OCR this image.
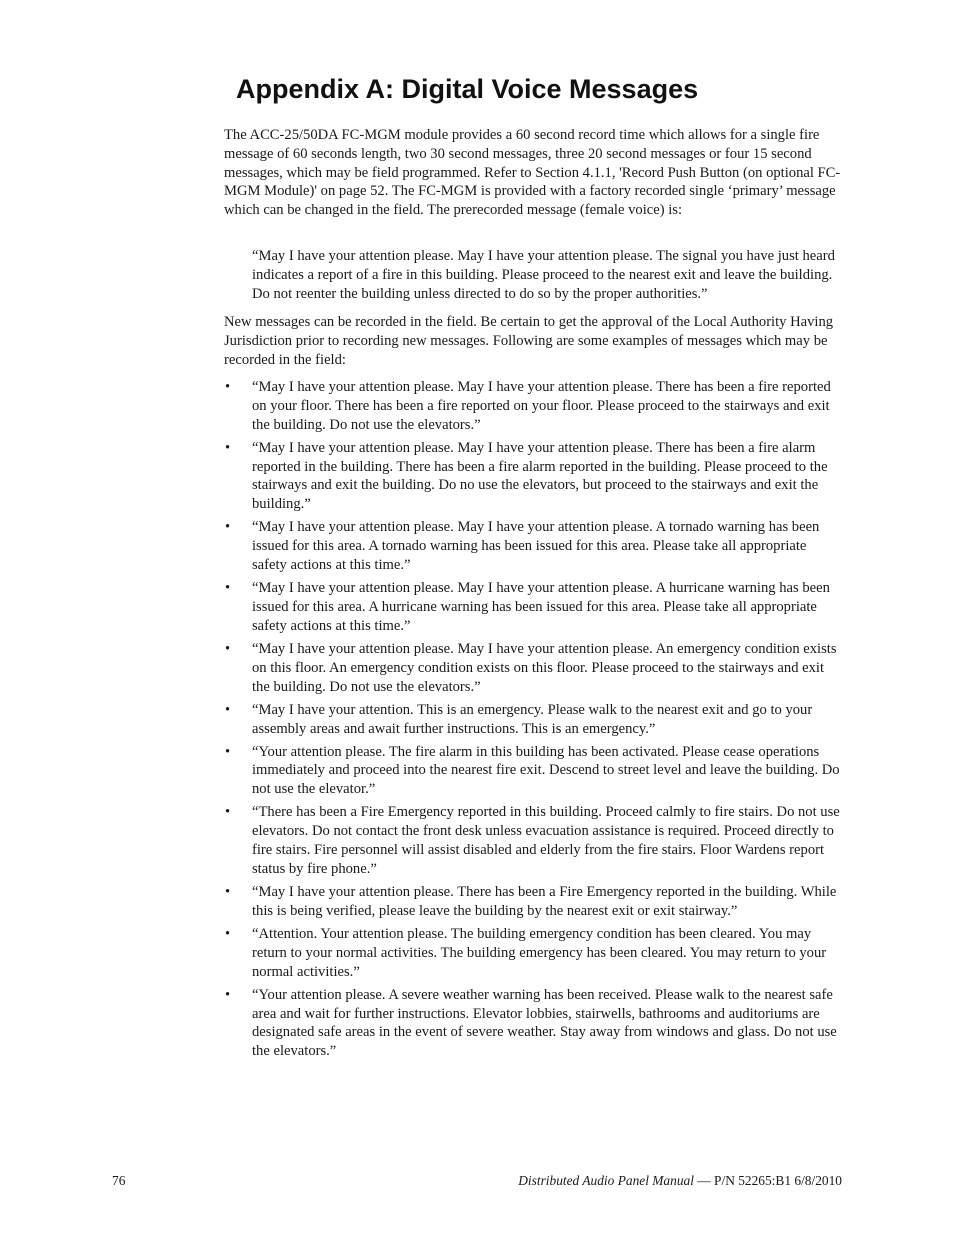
Appendix A: Digital Voice Messages

The ACC-25/50DA FC-MGM module provides a 60 second record time which allows for a single fire message of 60 seconds length, two 30 second messages, three 20 second messages or four 15 second messages, which may be field programmed. Refer to Section 4.1.1, 'Record Push Button (on optional FC-MGM Module)' on page 52. The FC-MGM is provided with a factory recorded single ‘primary’ message which can be changed in the field. The prerecorded message (female voice) is:

“May I have your attention please. May I have your attention please. The signal you have just heard indicates a report of a fire in this building. Please proceed to the nearest exit and leave the building. Do not reenter the building unless directed to do so by the proper authorities.”

New messages can be recorded in the field. Be certain to get the approval of the Local Authority Having Jurisdiction prior to recording new messages. Following are some examples of messages which may be recorded in the field:

• “May I have your attention please. May I have your attention please. There has been a fire reported on your floor. There has been a fire reported on your floor. Please proceed to the stairways and exit the building. Do not use the elevators.”
• “May I have your attention please. May I have your attention please. There has been a fire alarm reported in the building. There has been a fire alarm reported in the building. Please proceed to the stairways and exit the building. Do no use the elevators, but proceed to the stairways and exit the building.”
• “May I have your attention please. May I have your attention please. A tornado warning has been issued for this area. A tornado warning has been issued for this area. Please take all appropriate safety actions at this time.”
• “May I have your attention please. May I have your attention please. A hurricane warning has been issued for this area. A hurricane warning has been issued for this area. Please take all appropriate safety actions at this time.”
• “May I have your attention please. May I have your attention please. An emergency condition exists on this floor. An emergency condition exists on this floor. Please proceed to the stairways and exit the building. Do not use the elevators.”
• “May I have your attention. This is an emergency. Please walk to the nearest exit and go to your assembly areas and await further instructions. This is an emergency.”
• “Your attention please. The fire alarm in this building has been activated. Please cease operations immediately and proceed into the nearest fire exit. Descend to street level and leave the building. Do not use the elevator.”
• “There has been a Fire Emergency reported in this building. Proceed calmly to fire stairs. Do not use elevators. Do not contact the front desk unless evacuation assistance is required. Proceed directly to fire stairs. Fire personnel will assist disabled and elderly from the fire stairs. Floor Wardens report status by fire phone.”
• “May I have your attention please. There has been a Fire Emergency reported in the building. While this is being verified, please leave the building by the nearest exit or exit stairway.”
• “Attention. Your attention please. The building emergency condition has been cleared. You may return to your normal activities. The building emergency has been cleared. You may return to your normal activities.”
• “Your attention please. A severe weather warning has been received. Please walk to the nearest safe area and wait for further instructions. Elevator lobbies, stairwells, bathrooms and auditoriums are designated safe areas in the event of severe weather. Stay away from windows and glass. Do not use the elevators.”
76	Distributed Audio Panel Manual — P/N 52265:B1 6/8/2010
